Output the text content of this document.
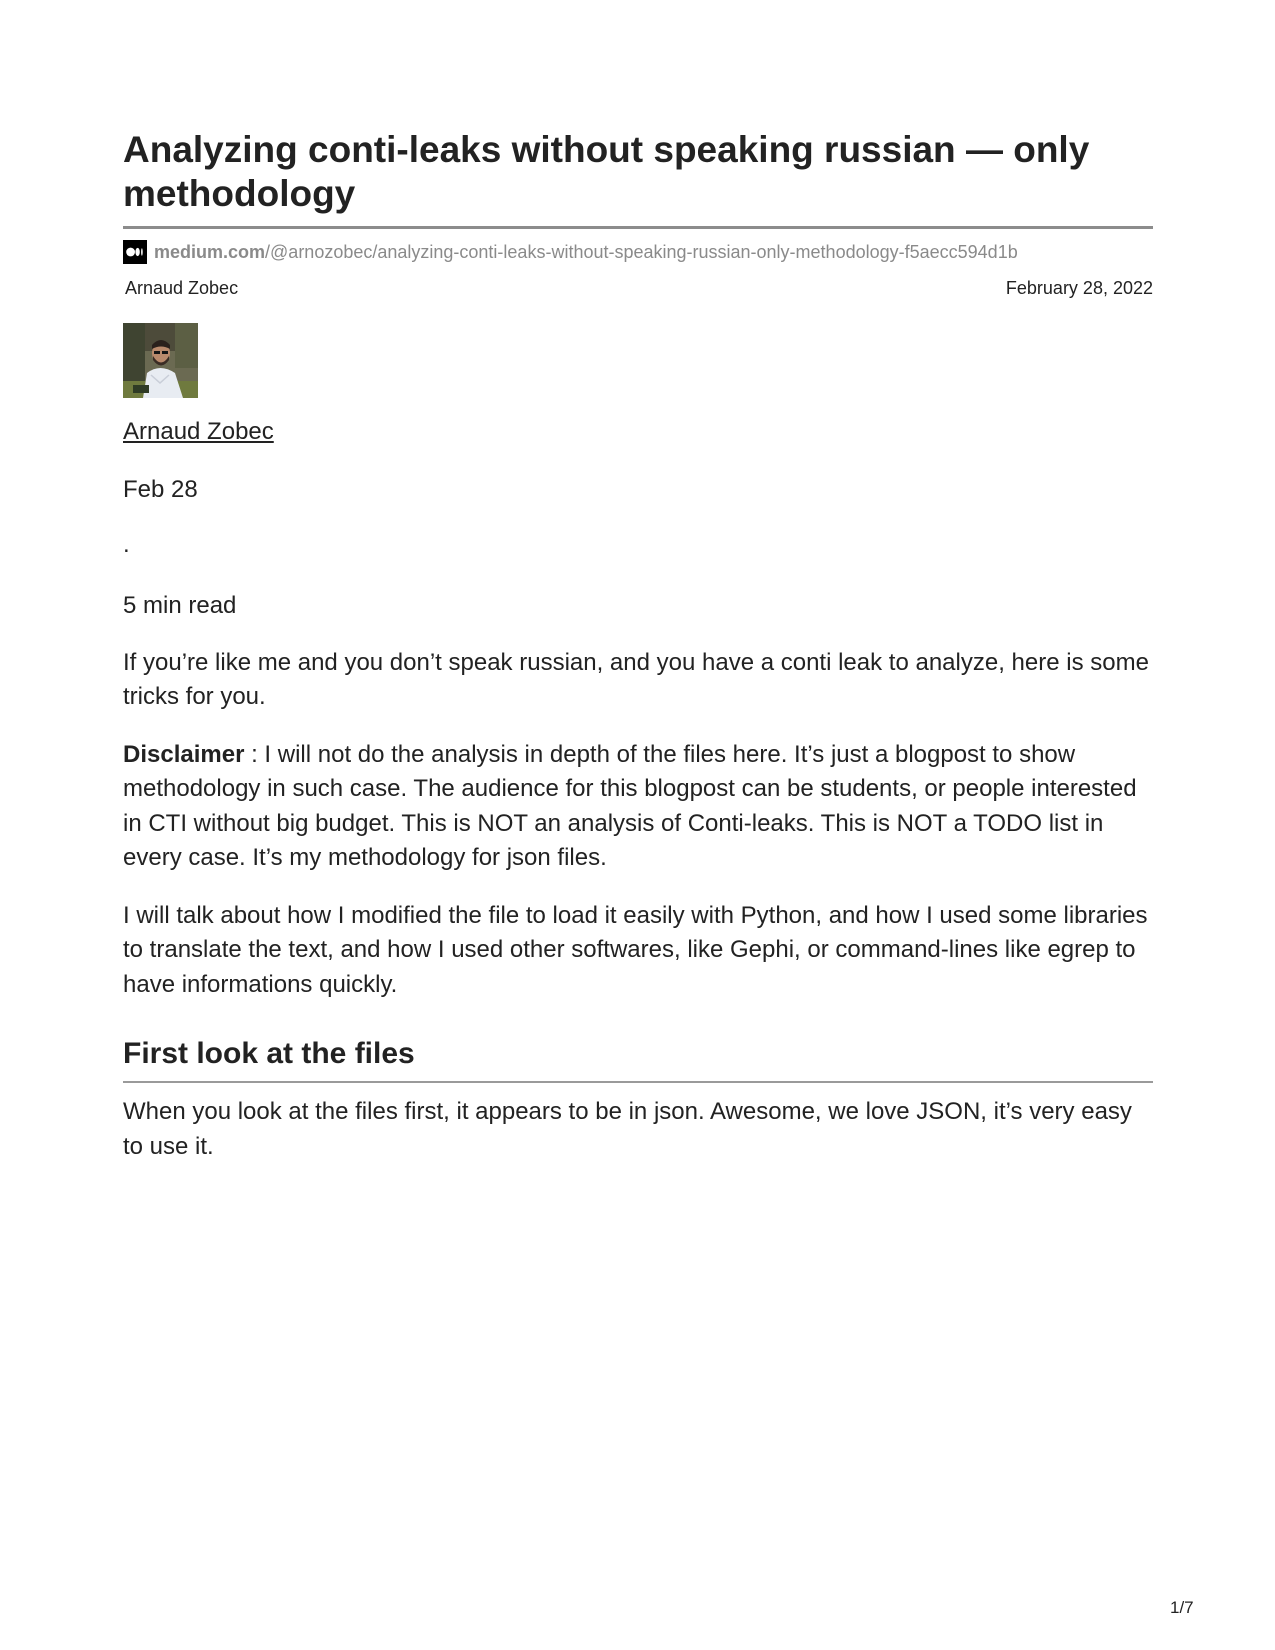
Analyzing conti-leaks without speaking russian — only methodology
medium.com/@arnozobec/analyzing-conti-leaks-without-speaking-russian-only-methodology-f5aecc594d1b
Arnaud Zobec	February 28, 2022

Arnaud Zobec

Feb 28

.

5 min read

If you’re like me and you don’t speak russian, and you have a conti leak to analyze, here is some tricks for you.

Disclaimer : I will not do the analysis in depth of the files here. It’s just a blogpost to show methodology in such case. The audience for this blogpost can be students, or people interested in CTI without big budget. This is NOT an analysis of Conti-leaks. This is NOT a TODO list in every case. It’s my methodology for json files.

I will talk about how I modified the file to load it easily with Python, and how I used some libraries to translate the text, and how I used other softwares, like Gephi, or command-lines like egrep to have informations quickly.

First look at the files

When you look at the files first, it appears to be in json. Awesome, we love JSON, it’s very easy to use it.

1/7
